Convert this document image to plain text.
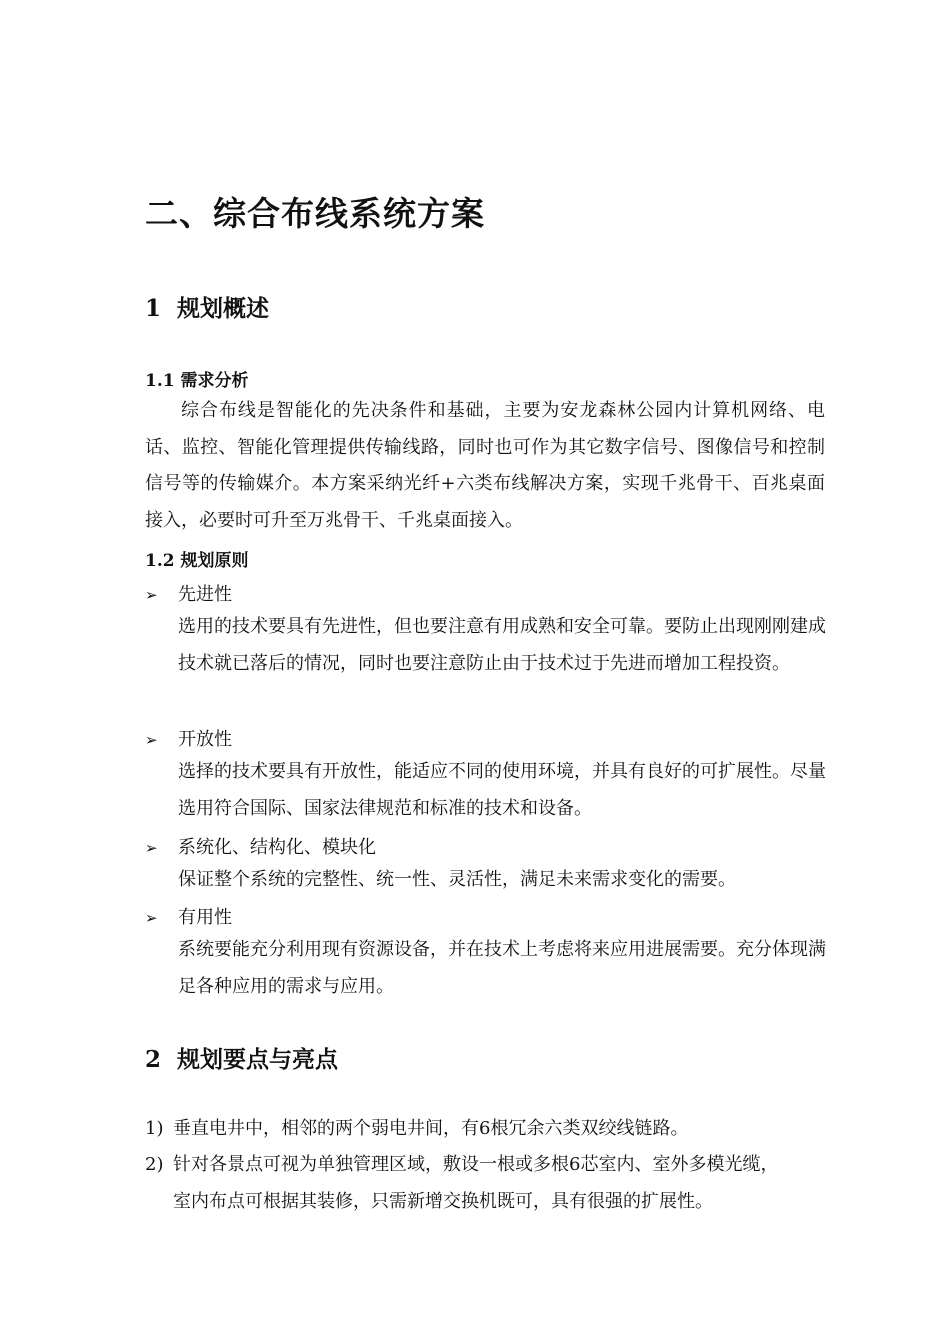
二、综合布线系统方案
1 规划概述
1.1 需求分析
综合布线是智能化的先决条件和基础，主要为安龙森林公园内计算机网络、电话、监控、智能化管理提供传输线路，同时也可作为其它数字信号、图像信号和控制信号等的传输媒介。本方案采纳光纤+六类布线解决方案，实现千兆骨干、百兆桌面接入，必要时可升至万兆骨干、千兆桌面接入。
1.2 规划原则
➢ 先进性
选用的技术要具有先进性，但也要注意有用成熟和安全可靠。要防止出现刚刚建成技术就已落后的情况，同时也要注意防止由于技术过于先进而增加工程投资。
➢ 开放性
选择的技术要具有开放性，能适应不同的使用环境，并具有良好的可扩展性。尽量选用符合国际、国家法律规范和标准的技术和设备。
➢ 系统化、结构化、模块化
保证整个系统的完整性、统一性、灵活性，满足未来需求变化的需要。
➢ 有用性
系统要能充分利用现有资源设备，并在技术上考虑将来应用进展需要。充分体现满足各种应用的需求与应用。
2 规划要点与亮点
1) 垂直电井中，相邻的两个弱电井间，有6根冗余六类双绞线链路。
2) 针对各景点可视为单独管理区域，敷设一根或多根6芯室内、室外多模光缆，
室内布点可根据其装修，只需新增交换机既可，具有很强的扩展性。
